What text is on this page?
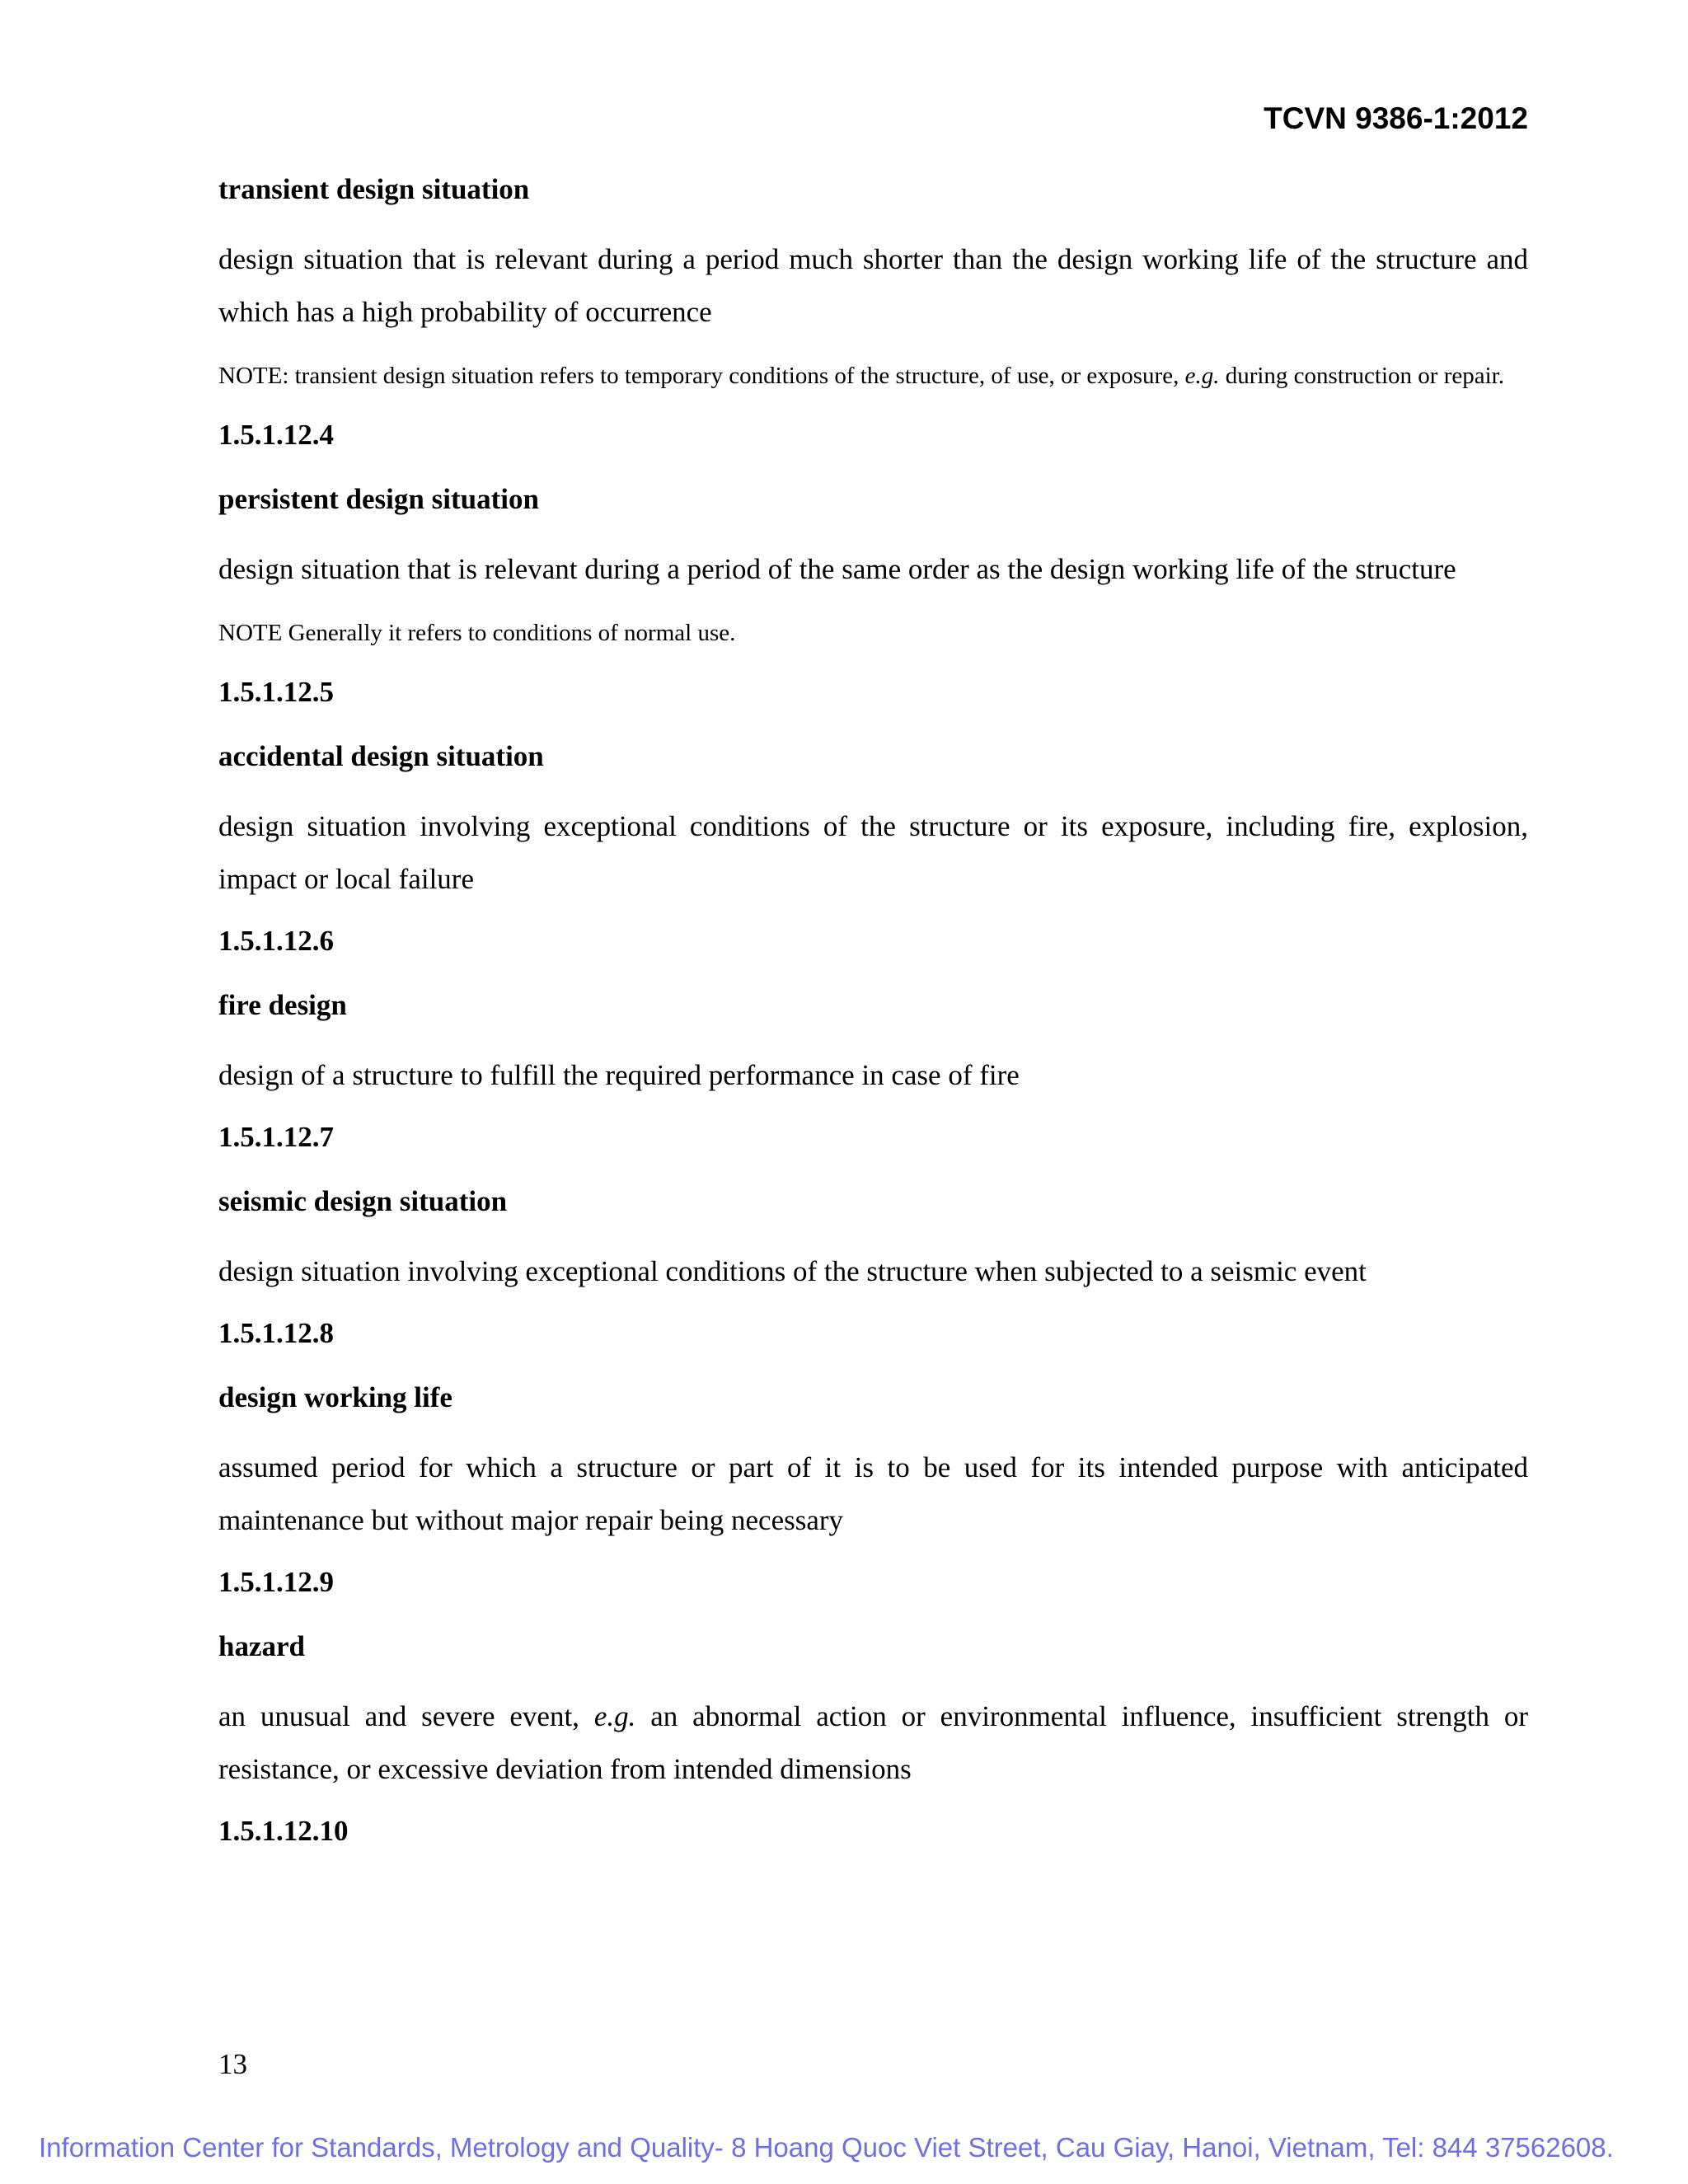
TCVN 9386-1:2012

transient design situation

design situation that is relevant during a period much shorter than the design working life of the structure and which has a high probability of occurrence

NOTE: transient design situation refers to temporary conditions of the structure, of use, or exposure, e.g. during construction or repair.

1.5.1.12.4

persistent design situation

design situation that is relevant during a period of the same order as the design working life of the structure

NOTE Generally it refers to conditions of normal use.

1.5.1.12.5

accidental design situation

design situation involving exceptional conditions of the structure or its exposure, including fire, explosion, impact or local failure

1.5.1.12.6

fire design

design of a structure to fulfill the required performance in case of fire

1.5.1.12.7

seismic design situation

design situation involving exceptional conditions of the structure when subjected to a seismic event

1.5.1.12.8

design working life

assumed period for which a structure or part of it is to be used for its intended purpose with anticipated maintenance but without major repair being necessary

1.5.1.12.9

hazard

an unusual and severe event, e.g. an abnormal action or environmental influence, insufficient strength or resistance, or excessive deviation from intended dimensions

1.5.1.12.10

13
Information Center for Standards, Metrology and Quality- 8 Hoang Quoc Viet Street, Cau Giay, Hanoi, Vietnam, Tel: 844 37562608.
